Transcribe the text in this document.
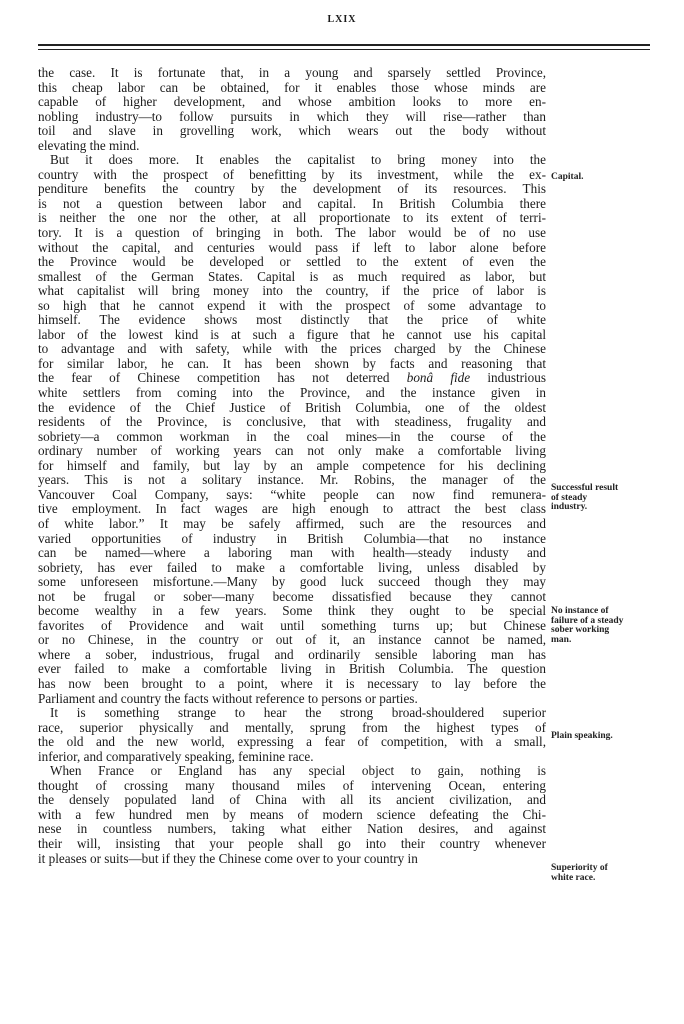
LXIX
the case. It is fortunate that, in a young and sparsely settled Province,
this cheap labor can be obtained, for it enables those whose minds are
capable of higher development, and whose ambition looks to more en-
nobling industry—to follow pursuits in which they will rise—rather than
toil and slave in grovelling work, which wears out the body without
elevating the mind.
But it does more. It enables the capitalist to bring money into the
country with the prospect of benefitting by its investment, while the ex-
penditure benefits the country by the development of its resources. This
is not a question between labor and capital. In British Columbia there
is neither the one nor the other, at all proportionate to its extent of terri-
tory. It is a question of bringing in both. The labor would be of no use
without the capital, and centuries would pass if left to labor alone before
the Province would be developed or settled to the extent of even the
smallest of the German States. Capital is as much required as labor, but
what capitalist will bring money into the country, if the price of labor is
so high that he cannot expend it with the prospect of some advantage to
himself. The evidence shows most distinctly that the price of white
labor of the lowest kind is at such a figure that he cannot use his capital
to advantage and with safety, while with the prices charged by the Chinese
for similar labor, he can. It has been shown by facts and reasoning that
the fear of Chinese competition has not deterred bonâ fide industrious
white settlers from coming into the Province, and the instance given in
the evidence of the Chief Justice of British Columbia, one of the oldest
residents of the Province, is conclusive, that with steadiness, frugality and
sobriety—a common workman in the coal mines—in the course of the
ordinary number of working years can not only make a comfortable living
for himself and family, but lay by an ample competence for his declining
years. This is not a solitary instance. Mr. Robins, the manager of the
Vancouver Coal Company, says: “white people can now find remunera-
tive employment. In fact wages are high enough to attract the best class
of white labor.” It may be safely affirmed, such are the resources and
varied opportunities of industry in British Columbia—that no instance
can be named—where a laboring man with health—steady industy and
sobriety, has ever failed to make a comfortable living, unless disabled by
some unforeseen misfortune.—Many by good luck succeed though they may
not be frugal or sober—many become dissatisfied because they cannot
become wealthy in a few years. Some think they ought to be special
favorites of Providence and wait until something turns up; but Chinese
or no Chinese, in the country or out of it, an instance cannot be named,
where a sober, industrious, frugal and ordinarily sensible laboring man has
ever failed to make a comfortable living in British Columbia. The question
has now been brought to a point, where it is necessary to lay before the
Parliament and country the facts without reference to persons or parties.
It is something strange to hear the strong broad-shouldered superior
race, superior physically and mentally, sprung from the highest types of
the old and the new world, expressing a fear of competition, with a small,
inferior, and comparatively speaking, feminine race.
When France or England has any special object to gain, nothing is
thought of crossing many thousand miles of intervening Ocean, entering
the densely populated land of China with all its ancient civilization, and
with a few hundred men by means of modern science defeating the Chi-
nese in countless numbers, taking what either Nation desires, and against
their will, insisting that your people shall go into their country whenever
it pleases or suits—but if they the Chinese come over to your country in
Capital.
Successful result
of steady
industry.
No instance of
failure of a steady
sober working
man.
Plain speaking.
Superiority of
white race.
